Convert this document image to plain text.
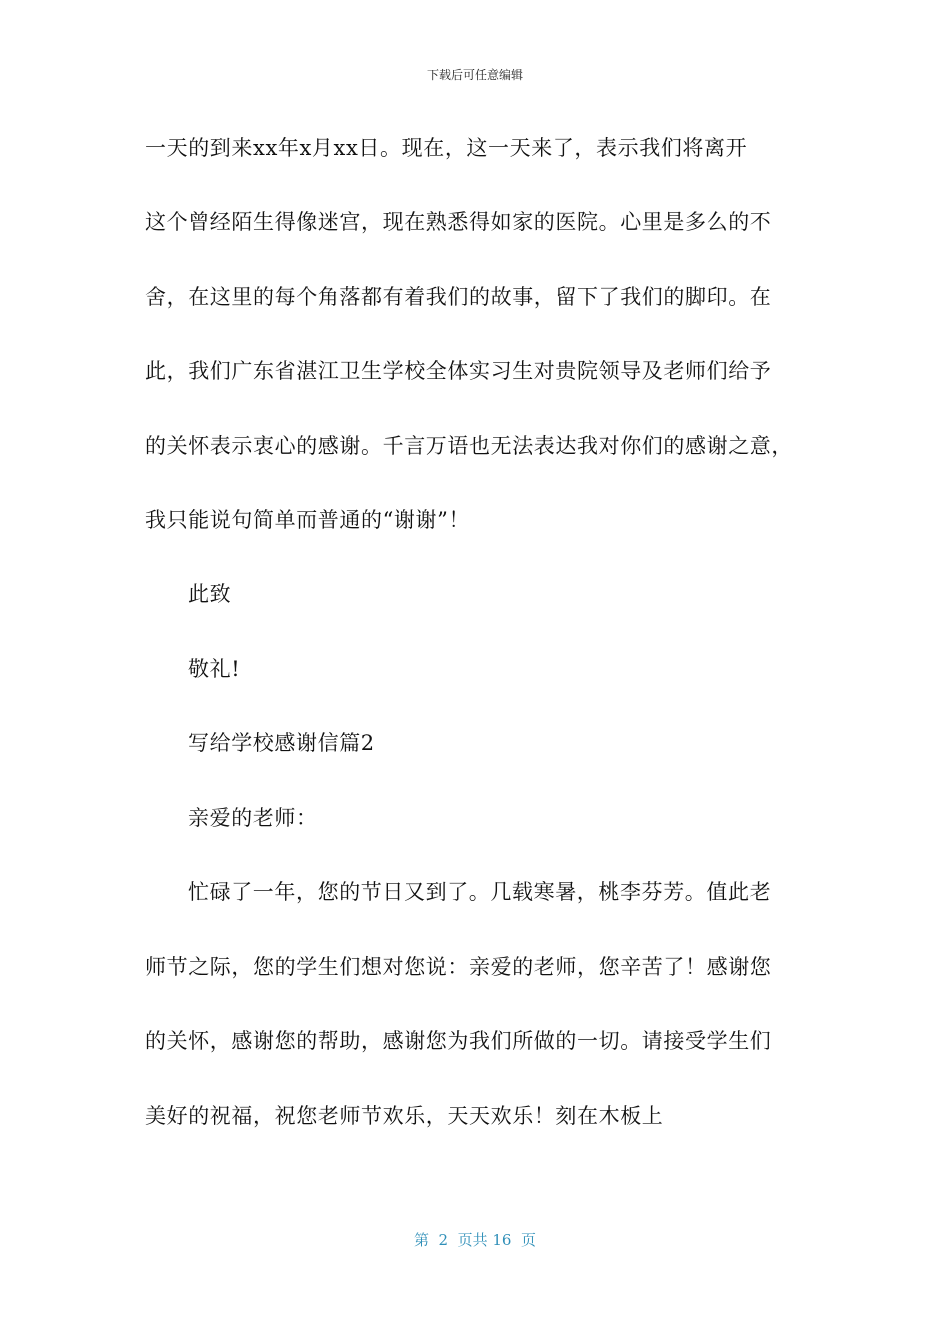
下载后可任意编辑
一天的到来xx年x月xx日。现在，这一天来了，表示我们将离开
这个曾经陌生得像迷宫，现在熟悉得如家的医院。心里是多么的不
舍，在这里的每个角落都有着我们的故事，留下了我们的脚印。在
此，我们广东省湛江卫生学校全体实习生对贵院领导及老师们给予
的关怀表示衷心的感谢。千言万语也无法表达我对你们的感谢之意，
我只能说句简单而普通的“谢谢”！
此致
敬礼!
写给学校感谢信篇2
亲爱的老师：
忙碌了一年，您的节日又到了。几载寒暑，桃李芬芳。值此老
师节之际，您的学生们想对您说：亲爱的老师，您辛苦了！感谢您
的关怀，感谢您的帮助，感谢您为我们所做的一切。请接受学生们
美好的祝福，祝您老师节欢乐，天天欢乐！刻在木板上
第  2  页共 16  页
